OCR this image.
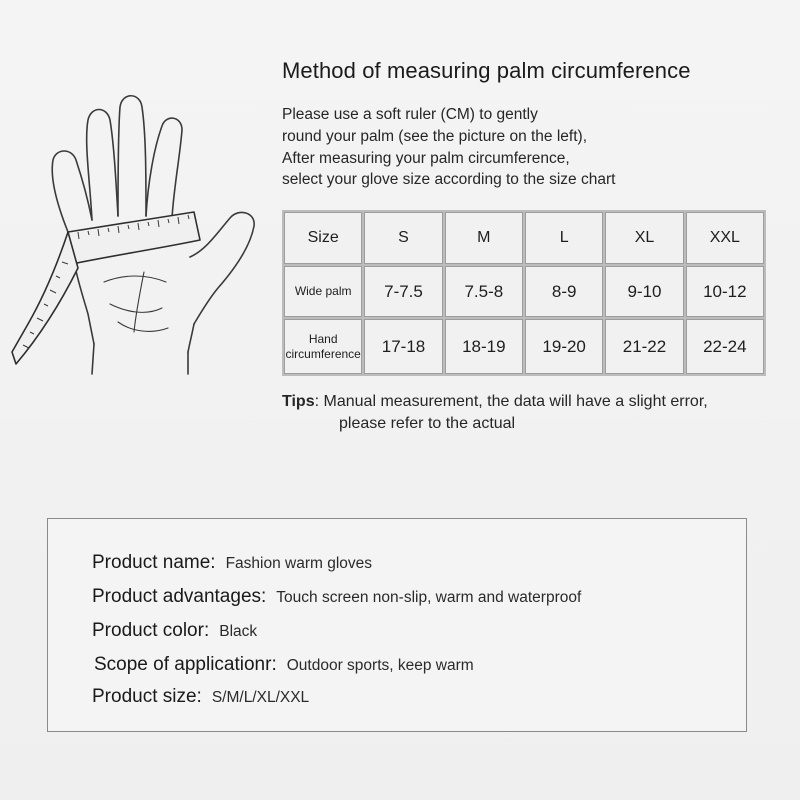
Method of measuring palm circumference
Please use a soft ruler (CM) to gently
round your palm (see the picture on the left),
After measuring your palm circumference,
select your glove size according to the size chart
Size	S	M	L	XL	XXL
Wide palm	7-7.5	7.5-8	8-9	9-10	10-12

Hand
circumference	17-18	18-19	19-20	21-22	22-24
Tips: Manual measurement, the data will have a slight error,
please refer to the actual
Product name : Fashion warm gloves
Product advantages : Touch screen non-slip, warm and waterproof
Product color : Black
Scope of applicationr : Outdoor sports, keep warm
Product size : S/M/L/XL/XXL
